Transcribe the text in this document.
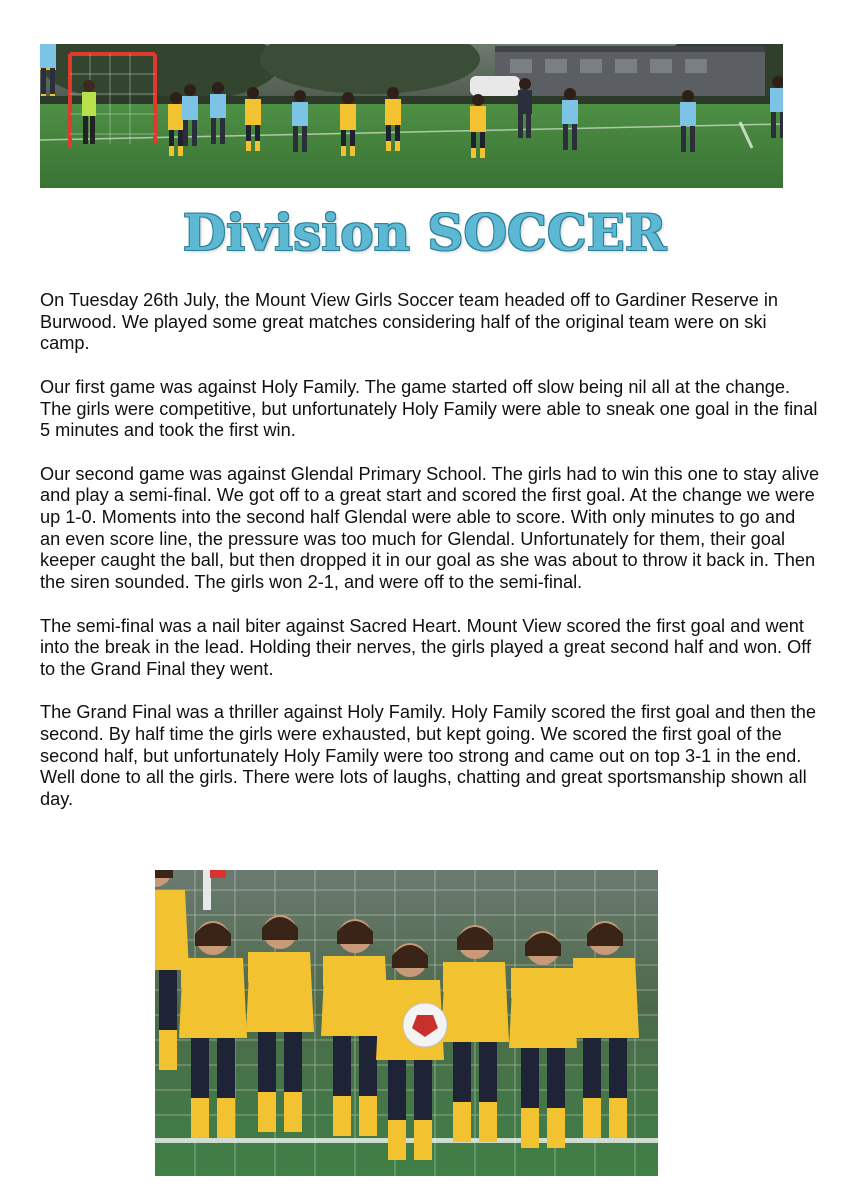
Division SOCCER

On Tuesday 26th July, the Mount View Girls Soccer team headed off to Gardiner Reserve in Burwood. We played some great matches considering half of the original team were on ski camp.

Our first game was against Holy Family. The game started off slow being nil all at the change. The girls were competitive, but unfortunately Holy Family were able to sneak one goal in the final 5 minutes and took the first win.

Our second game was against Glendal Primary School. The girls had to win this one to stay alive and play a semi-final. We got off to a great start and scored the first goal. At the change we were up 1-0. Moments into the second half Glendal were able to score. With only minutes to go and an even score line, the pressure was too much for Glendal. Unfortunately for them, their goal keeper caught the ball, but then dropped it in our goal as she was about to throw it back in. Then the siren sounded. The girls won 2-1, and were off to the semi-final.

The semi-final was a nail biter against Sacred Heart. Mount View scored the first goal and went into the break in the lead. Holding their nerves, the girls played a great second half and won. Off to the Grand Final they went.

The Grand Final was a thriller against Holy Family. Holy Family scored the first goal and then the second. By half time the girls were exhausted, but kept going. We scored the first goal of the second half, but unfortunately Holy Family were too strong and came out on top 3-1 in the end. Well done to all the girls. There were lots of laughs, chatting and great sportsmanship shown all day.
